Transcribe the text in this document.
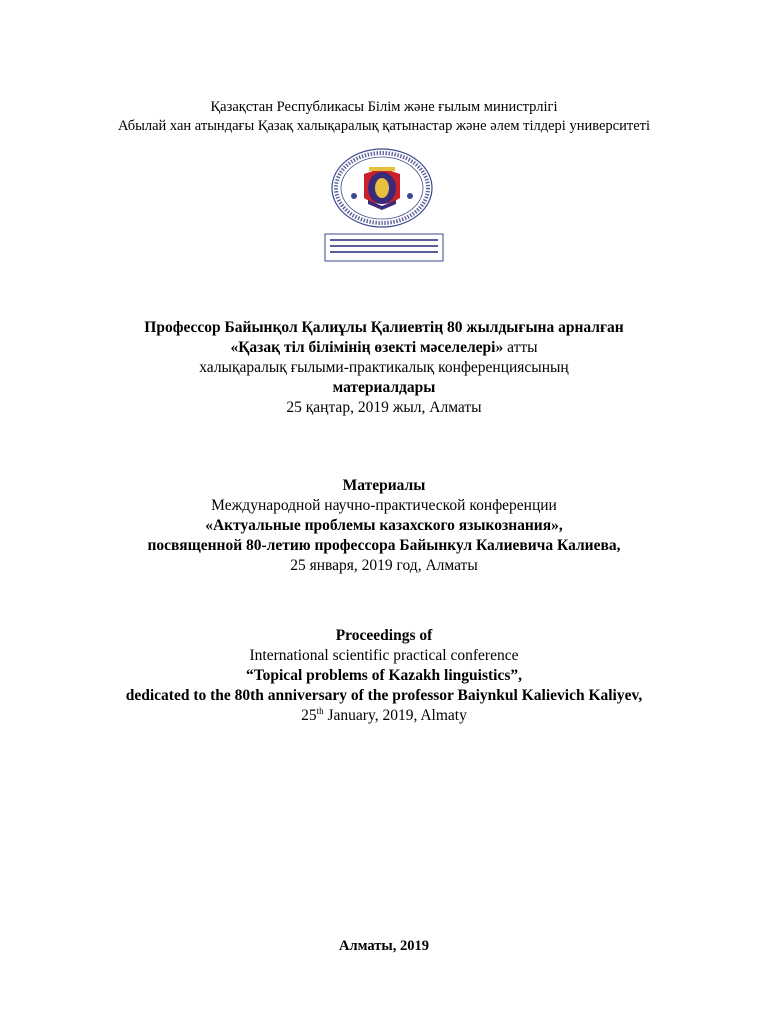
Қазақстан Республикасы Білім және ғылым министрлігі
Абылай хан атындағы Қазақ халықаралық қатынастар және әлем тілдері университеті
Профессор Байынқол Қалиұлы Қалиевтің 80 жылдығына арналған
«Қазақ тіл білімінің өзекті мәселелері» атты
халықаралық ғылыми-практикалық конференциясының
материалдары
25 қаңтар, 2019 жыл, Алматы
Материалы
Международной научно-практической конференции
«Актуальные проблемы казахского языкознания»,
посвященной 80-летию профессора Байынкул Калиевича Калиева,
25 января, 2019 год, Алматы
Proceedings of
International scientific practical conference
“Topical problems of Kazakh linguistics”,
dedicated to the 80th anniversary of the professor Baiynkul Kalievich Kaliyev,
25th January, 2019, Almaty
Алматы, 2019
